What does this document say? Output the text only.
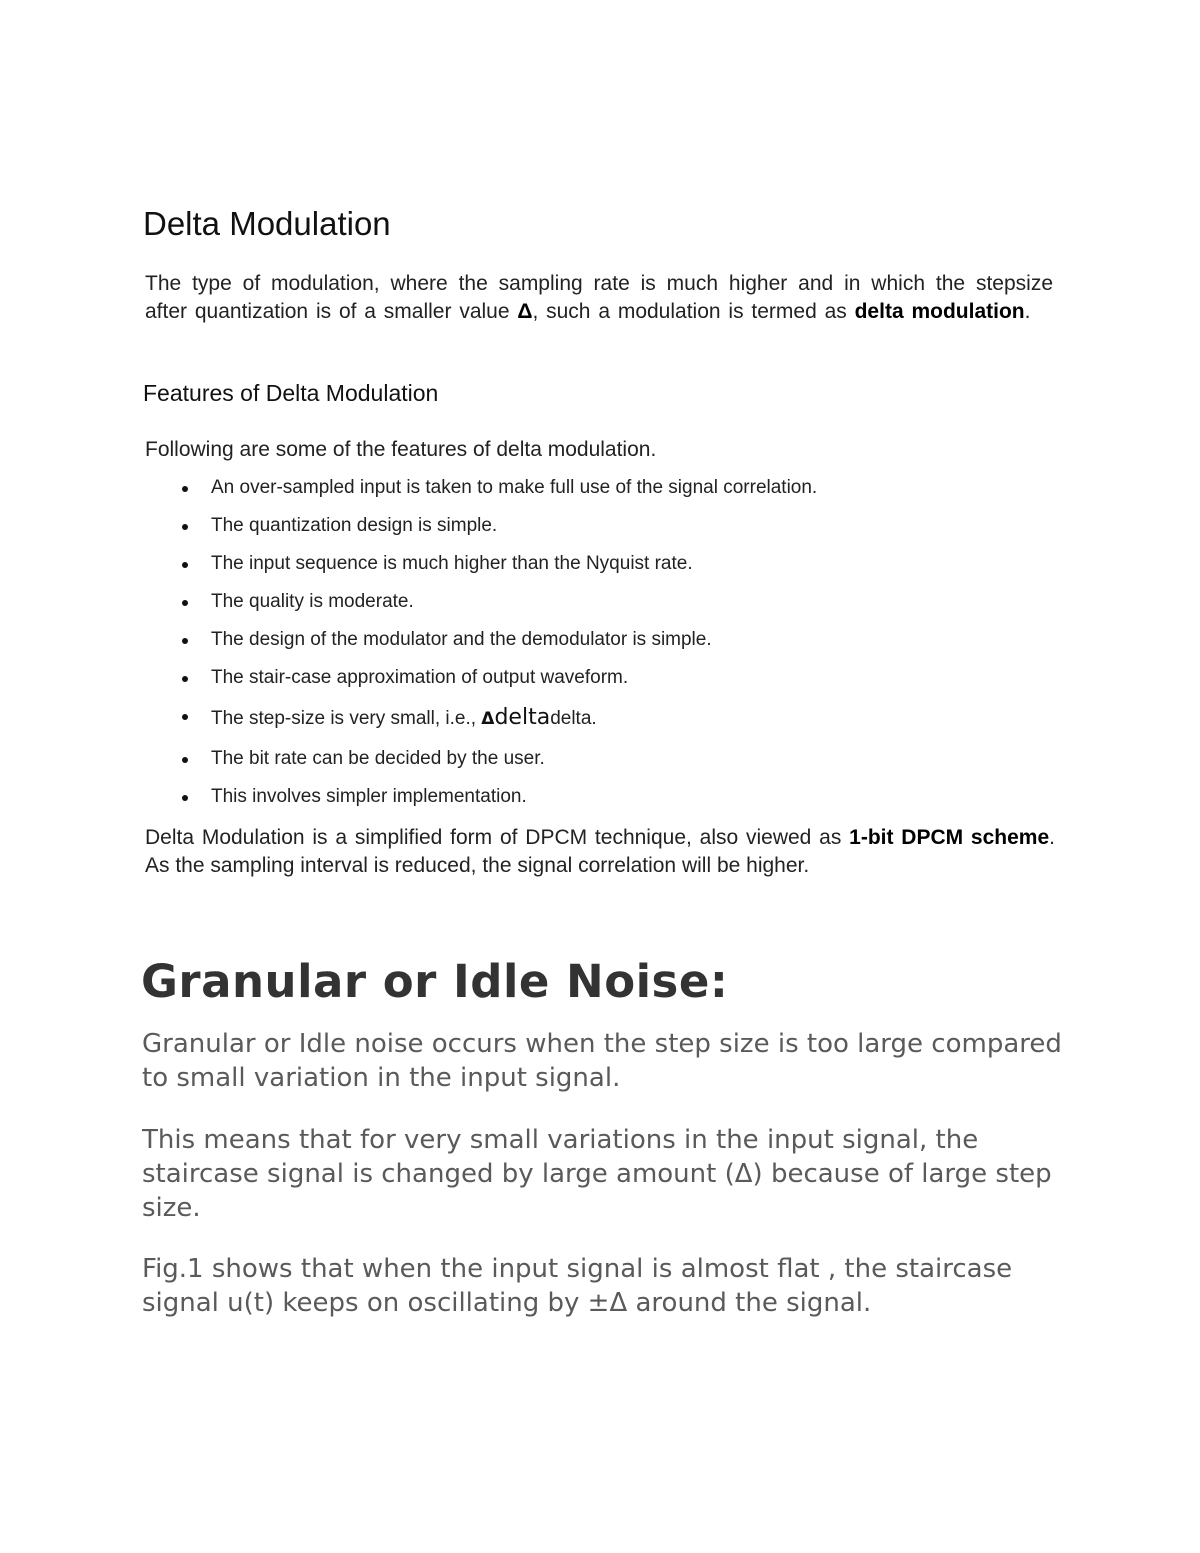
Delta Modulation

The type of modulation, where the sampling rate is much higher and in which the stepsize after quantization is of a smaller value Δ, such a modulation is termed as delta modulation.

Features of Delta Modulation

Following are some of the features of delta modulation.

An over-sampled input is taken to make full use of the signal correlation.
The quantization design is simple.
The input sequence is much higher than the Nyquist rate.
The quality is moderate.
The design of the modulator and the demodulator is simple.
The stair-case approximation of output waveform.
The step-size is very small, i.e., Δdeltadelta.
The bit rate can be decided by the user.
This involves simpler implementation.

Delta Modulation is a simplified form of DPCM technique, also viewed as 1-bit DPCM scheme. As the sampling interval is reduced, the signal correlation will be higher.

Granular or Idle Noise:

Granular or Idle noise occurs when the step size is too large compared to small variation in the input signal.

This means that for very small variations in the input signal, the staircase signal is changed by large amount (Δ) because of large step size.

Fig.1 shows that when the input signal is almost flat , the staircase signal u(t) keeps on oscillating by ±Δ around the signal.
